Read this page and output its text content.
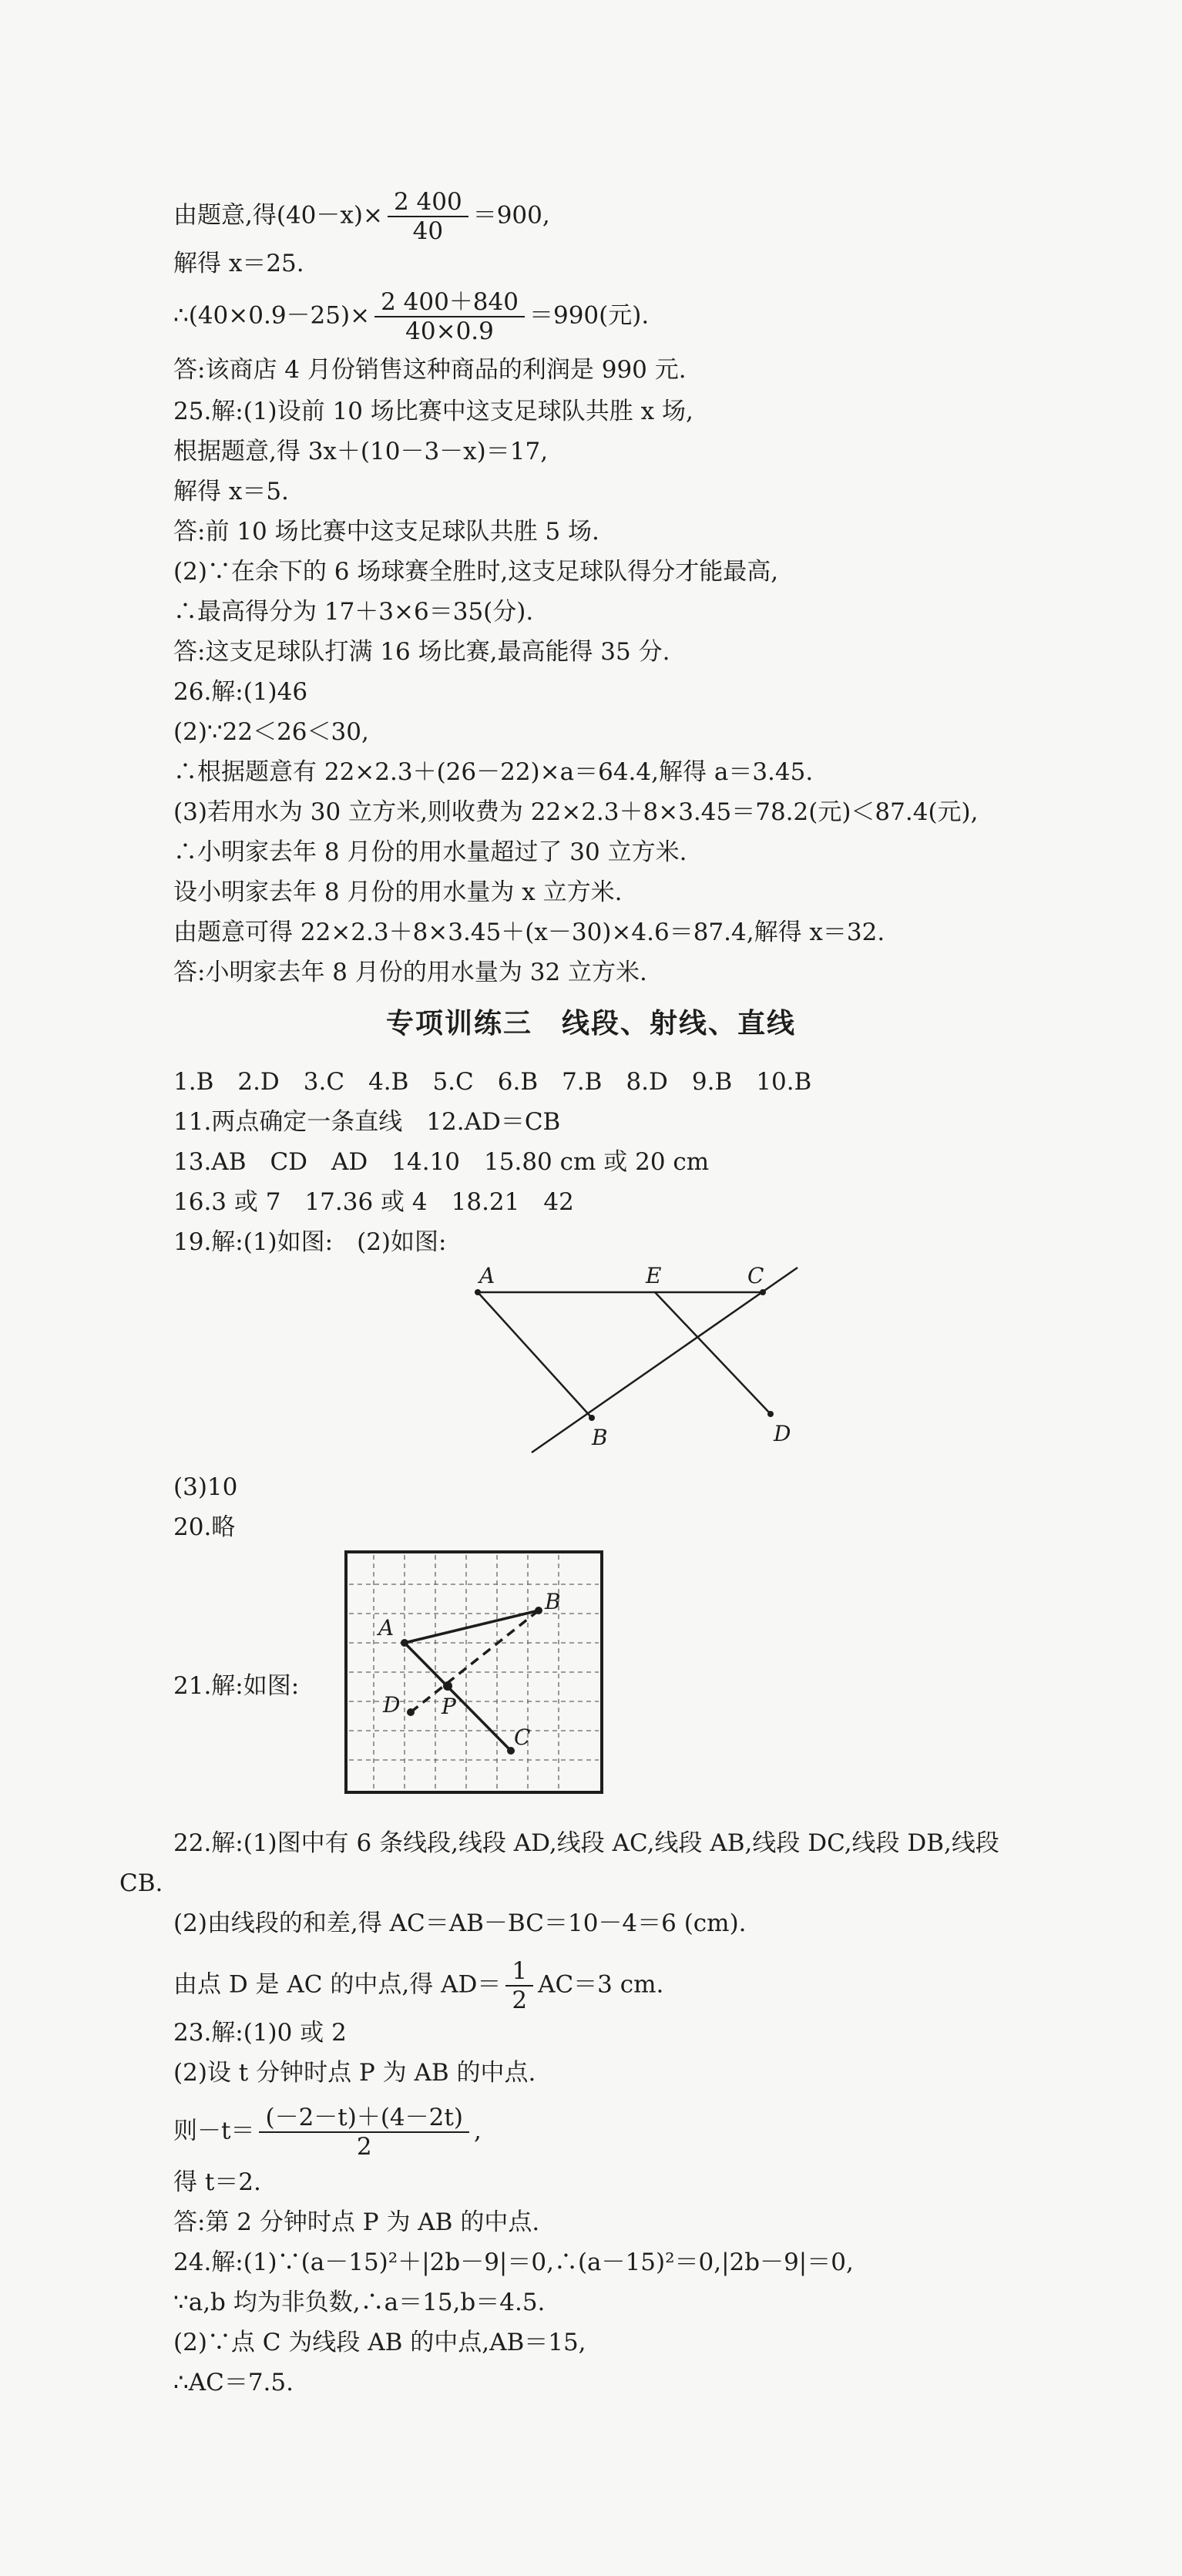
由题意,得$(40-x)\times \frac{2 400}{40} =900$,
解得 x＝25.
∴(40×0.9－25)× $\frac{2 400+840}{40\times 0.9} =990$(元).
答:该商店 4 月份销售这种商品的利润是 990 元.
25.解:(1)设前 10 场比赛中这支足球队共胜 x 场,
根据题意,得 3x＋(10－3－x)＝17,
解得 x＝5.
答:前 10 场比赛中这支足球队共胜 5 场.
(2)∵在余下的 6 场球赛全胜时,这支足球队得分才能最高,
∴最高得分为 17＋3×6＝35(分).
答:这支足球队打满 16 场比赛,最高能得 35 分.
26.解:(1)46
(2)∵22＜26＜30,
∴根据题意有 22×2.3＋(26－22)×a＝64.4,解得 a＝3.45.
(3)若用水为 30 立方米,则收费为 22×2.3＋8×3.45＝78.2(元)＜87.4(元),
∴小明家去年 8 月份的用水量超过了 30 立方米.
设小明家去年 8 月份的用水量为 x 立方米.
由题意可得 22×2.3＋8×3.45＋(x－30)×4.6＝87.4,解得 x＝32.
答:小明家去年 8 月份的用水量为 32 立方米.
专项训练三　线段、射线、直线
1.B　2.D　3.C　4.B　5.C　6.B　7.B　8.D　9.B　10.B
11.两点确定一条直线　12.AD＝CB
13.AB　CD　AD　14.10　15.80 cm 或 20 cm
16.3 或 7　17.36 或 4　18.21　42
19.解:(1)如图:　(2)如图:
A	E	C
B	D
(3)10
20.略
21.解:如图:
A
B
C
D P
22.解:(1)图中有 6 条线段,线段 AD,线段 AC,线段 AB,线段 DC,线段 DB,线段
CB.
(2)由线段的和差,得 AC＝AB－BC＝10－4＝6 (cm).
由点 D 是 AC 的中点,得 $AD= \frac{1}{2} AC=3$ cm.
23.解:(1)0 或 2
(2)设 t 分钟时点 P 为 AB 的中点.
则$-t= \frac{(-2-t)+(4-2t)}{2}$ ,
得 t＝2.
答:第 2 分钟时点 P 为 AB 的中点.
24.解:(1)∵(a－15)²＋|2b－9|＝0,∴(a－15)²＝0,|2b－9|＝0,
∵a,b 均为非负数,∴a＝15,b＝4.5.
(2)∵点 C 为线段 AB 的中点,AB＝15,
∴AC＝7.5.
